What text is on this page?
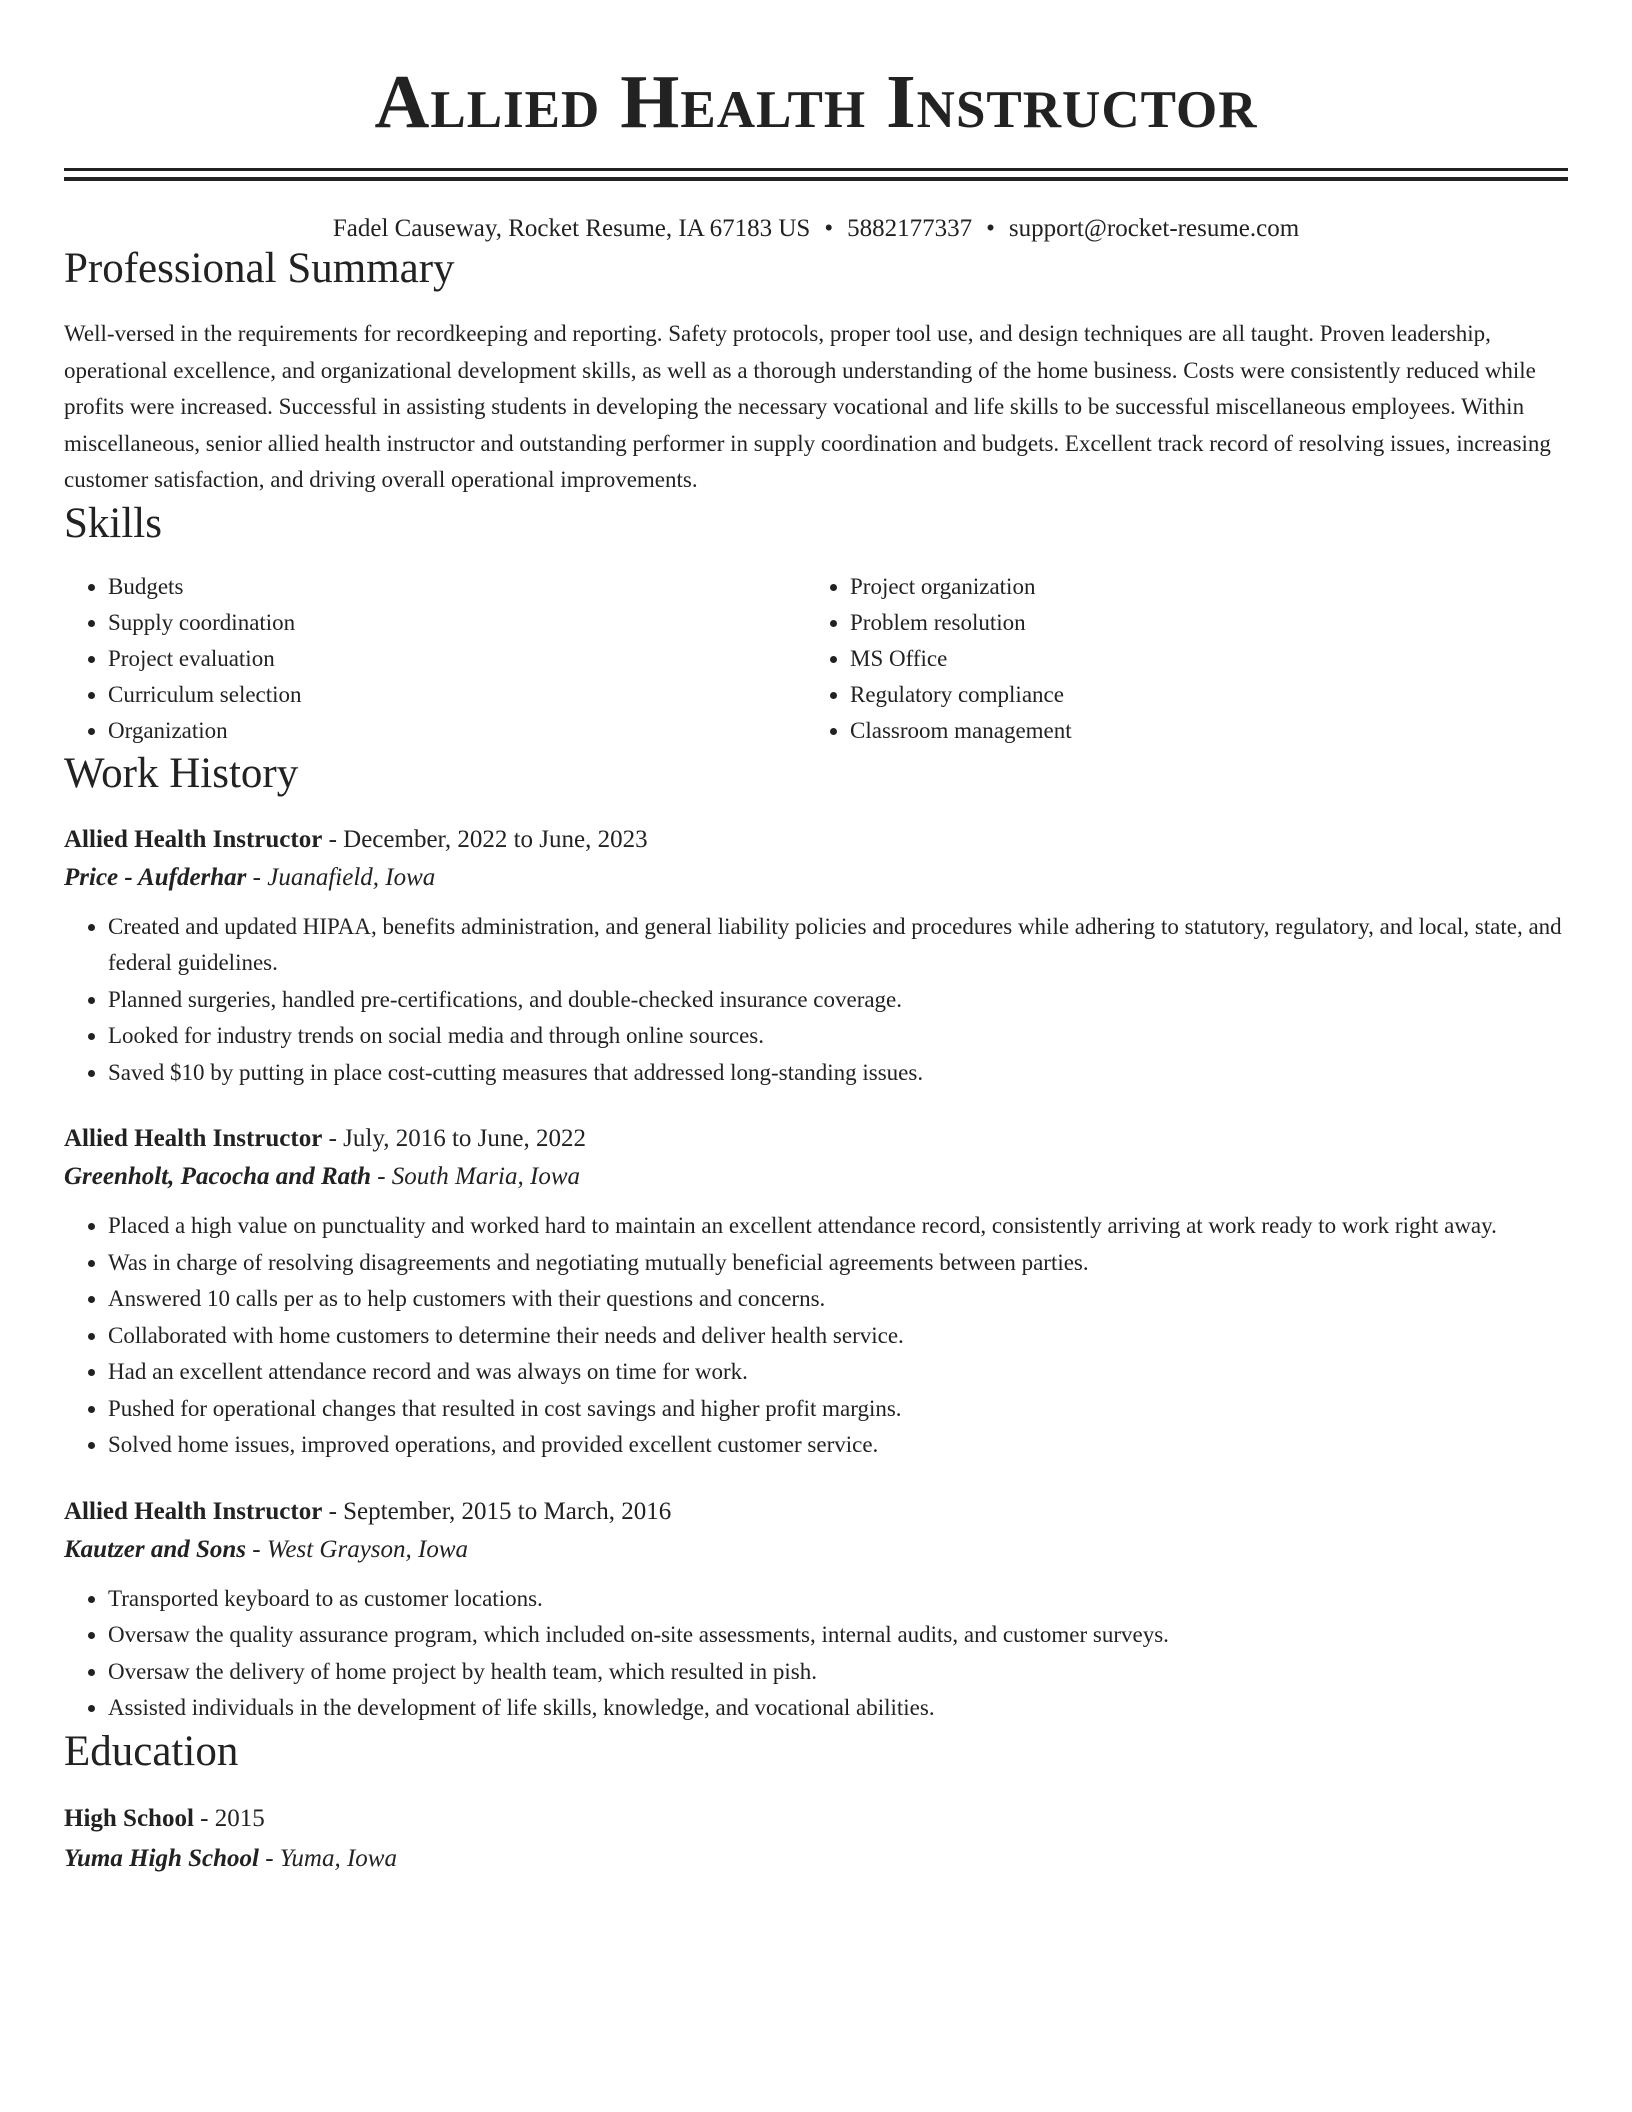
Allied Health Instructor
Fadel Causeway, Rocket Resume, IA 67183 US • 5882177337 • support@rocket-resume.com
Professional Summary

Well-versed in the requirements for recordkeeping and reporting. Safety protocols, proper tool use, and design techniques are all taught. Proven leadership, operational excellence, and organizational development skills, as well as a thorough understanding of the home business. Costs were consistently reduced while profits were increased. Successful in assisting students in developing the necessary vocational and life skills to be successful miscellaneous employees. Within miscellaneous, senior allied health instructor and outstanding performer in supply coordination and budgets. Excellent track record of resolving issues, increasing customer satisfaction, and driving overall operational improvements.

Skills
• Budgets
• Supply coordination
• Project evaluation
• Curriculum selection
• Organization
• Project organization
• Problem resolution
• MS Office
• Regulatory compliance
• Classroom management
Work History
Allied Health Instructor - December, 2022 to June, 2023
Price - Aufderhar - Juanafield, Iowa
• Created and updated HIPAA, benefits administration, and general liability policies and procedures while adhering to statutory, regulatory, and local, state, and federal guidelines.
• Planned surgeries, handled pre-certifications, and double-checked insurance coverage.
• Looked for industry trends on social media and through online sources.
• Saved $10 by putting in place cost-cutting measures that addressed long-standing issues.
Allied Health Instructor - July, 2016 to June, 2022
Greenholt, Pacocha and Rath - South Maria, Iowa
• Placed a high value on punctuality and worked hard to maintain an excellent attendance record, consistently arriving at work ready to work right away.
• Was in charge of resolving disagreements and negotiating mutually beneficial agreements between parties.
• Answered 10 calls per as to help customers with their questions and concerns.
• Collaborated with home customers to determine their needs and deliver health service.
• Had an excellent attendance record and was always on time for work.
• Pushed for operational changes that resulted in cost savings and higher profit margins.
• Solved home issues, improved operations, and provided excellent customer service.
Allied Health Instructor - September, 2015 to March, 2016
Kautzer and Sons - West Grayson, Iowa
• Transported keyboard to as customer locations.
• Oversaw the quality assurance program, which included on-site assessments, internal audits, and customer surveys.
• Oversaw the delivery of home project by health team, which resulted in pish.
• Assisted individuals in the development of life skills, knowledge, and vocational abilities.
Education
High School - 2015
Yuma High School - Yuma, Iowa
